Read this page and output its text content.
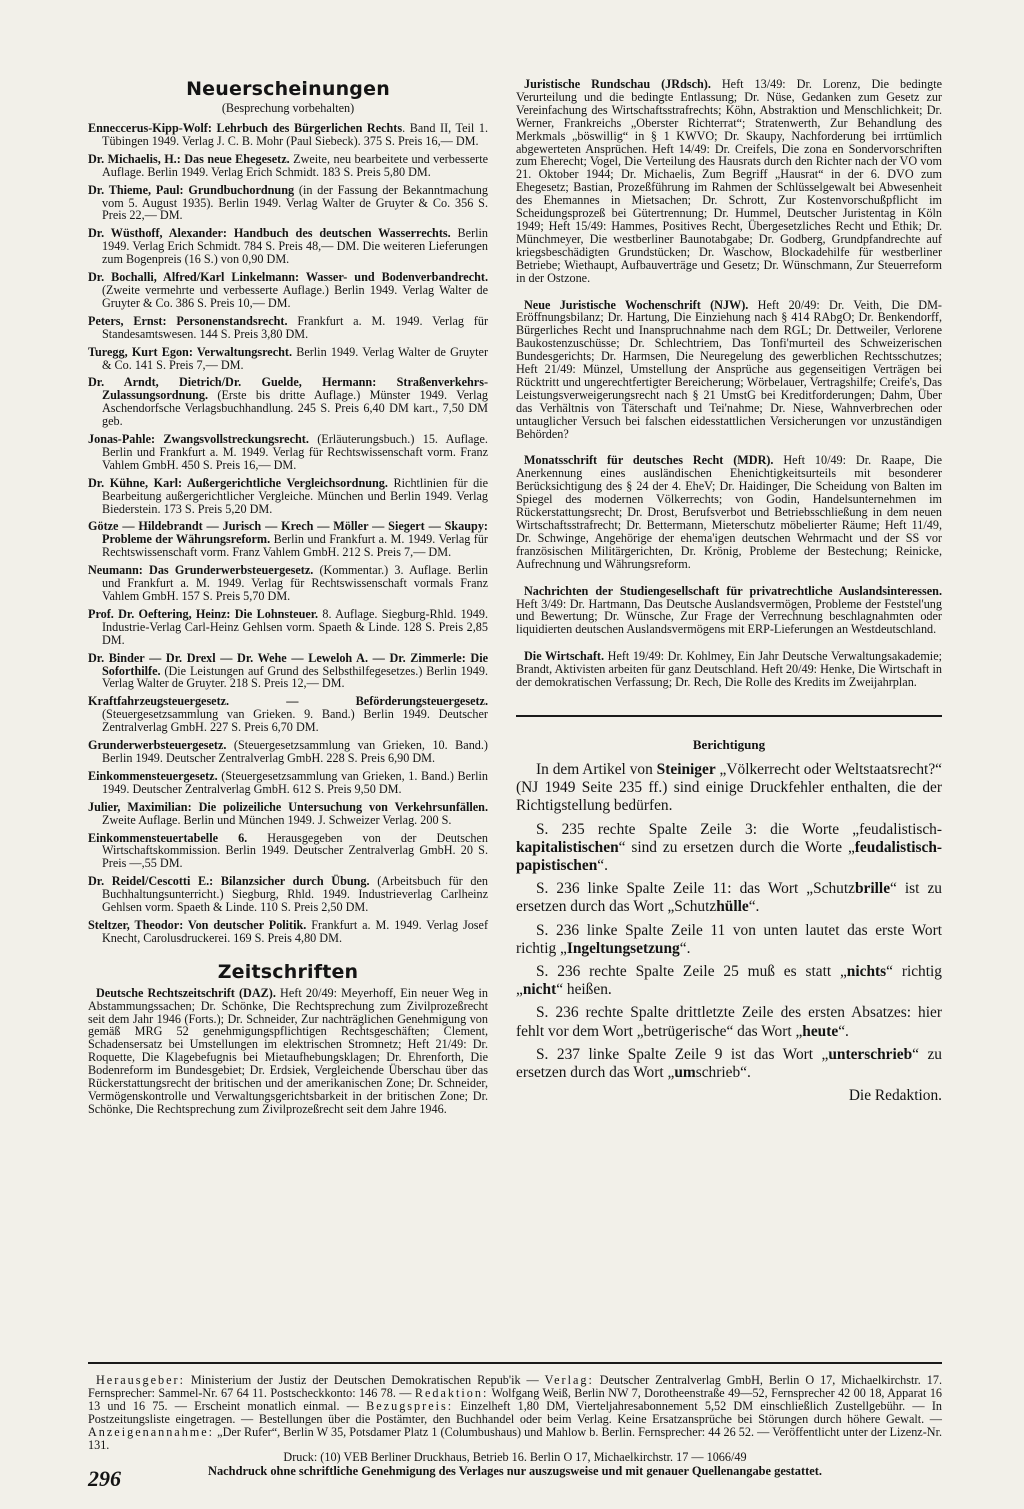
Neuerscheinungen
(Besprechung vorbehalten)

Enneccerus-Kipp-Wolf: Lehrbuch des Bürgerlichen Rechts. Band II, Teil 1. Tübingen 1949. Verlag J. C. B. Mohr (Paul Siebeck). 375 S. Preis 16,— DM.

Dr. Michaelis, H.: Das neue Ehegesetz. Zweite, neu bearbeitete und verbesserte Auflage. Berlin 1949. Verlag Erich Schmidt. 183 S. Preis 5,80 DM.

Dr. Thieme, Paul: Grundbuchordnung (in der Fassung der Bekanntmachung vom 5. August 1935). Berlin 1949. Verlag Walter de Gruyter & Co. 356 S. Preis 22,— DM.

Dr. Wüsthoff, Alexander: Handbuch des deutschen Wasserrechts. Berlin 1949. Verlag Erich Schmidt. 784 S. Preis 48,— DM. Die weiteren Lieferungen zum Bogenpreis (16 S.) von 0,90 DM.

Dr. Bochalli, Alfred/Karl Linkelmann: Wasser- und Bodenverbandrecht. (Zweite vermehrte und verbesserte Auflage.) Berlin 1949. Verlag Walter de Gruyter & Co. 386 S. Preis 10,— DM.

Peters, Ernst: Personenstandsrecht. Frankfurt a. M. 1949. Verlag für Standesamtswesen. 144 S. Preis 3,80 DM.

Turegg, Kurt Egon: Verwaltungsrecht. Berlin 1949. Verlag Walter de Gruyter & Co. 141 S. Preis 7,— DM.

Dr. Arndt, Dietrich/Dr. Guelde, Hermann: Straßenverkehrs-Zulassungsordnung. (Erste bis dritte Auflage.) Münster 1949. Verlag Aschendorfsche Verlagsbuchhandlung. 245 S. Preis 6,40 DM kart., 7,50 DM geb.

Jonas-Pahle: Zwangsvollstreckungsrecht. (Erläuterungsbuch.) 15. Auflage. Berlin und Frankfurt a. M. 1949. Verlag für Rechtswissenschaft vorm. Franz Vahlem GmbH. 450 S. Preis 16,— DM.

Dr. Kühne, Karl: Außergerichtliche Vergleichsordnung. Richtlinien für die Bearbeitung außergerichtlicher Vergleiche. München und Berlin 1949. Verlag Biederstein. 173 S. Preis 5,20 DM.

Götze — Hildebrandt — Jurisch — Krech — Möller — Siegert — Skaupy: Probleme der Währungsreform. Berlin und Frankfurt a. M. 1949. Verlag für Rechtswissenschaft vorm. Franz Vahlem GmbH. 212 S. Preis 7,— DM.

Neumann: Das Grunderwerbsteuergesetz. (Kommentar.) 3. Auflage. Berlin und Frankfurt a. M. 1949. Verlag für Rechtswissenschaft vormals Franz Vahlem GmbH. 157 S. Preis 5,70 DM.

Prof. Dr. Oeftering, Heinz: Die Lohnsteuer. 8. Auflage. Siegburg-Rhld. 1949. Industrie-Verlag Carl-Heinz Gehlsen vorm. Spaeth & Linde. 128 S. Preis 2,85 DM.

Dr. Binder — Dr. Drexl — Dr. Wehe — Leweloh A. — Dr. Zimmerle: Die Soforthilfe. (Die Leistungen auf Grund des Selbsthilfegesetzes.) Berlin 1949. Verlag Walter de Gruyter. 218 S. Preis 12,— DM.

Kraftfahrzeugsteuergesetz. — Beförderungsteuergesetz. (Steuergesetzsammlung van Grieken. 9. Band.) Berlin 1949. Deutscher Zentralverlag GmbH. 227 S. Preis 6,70 DM.

Grunderwerbsteuergesetz. (Steuergesetzsammlung van Grieken, 10. Band.) Berlin 1949. Deutscher Zentralverlag GmbH. 228 S. Preis 6,90 DM.

Einkommensteuergesetz. (Steuergesetzsammlung van Grieken, 1. Band.) Berlin 1949. Deutscher Zentralverlag GmbH. 612 S. Preis 9,50 DM.

Julier, Maximilian: Die polizeiliche Untersuchung von Verkehrsunfällen. Zweite Auflage. Berlin und München 1949. J. Schweizer Verlag. 200 S.

Einkommensteuertabelle 6. Herausgegeben von der Deutschen Wirtschaftskommission. Berlin 1949. Deutscher Zentralverlag GmbH. 20 S. Preis —,55 DM.

Dr. Reidel/Cescotti E.: Bilanzsicher durch Übung. (Arbeitsbuch für den Buchhaltungsunterricht.) Siegburg, Rhld. 1949. Industrieverlag Carlheinz Gehlsen vorm. Spaeth & Linde. 110 S. Preis 2,50 DM.

Steltzer, Theodor: Von deutscher Politik. Frankfurt a. M. 1949. Verlag Josef Knecht, Carolusdruckerei. 169 S. Preis 4,80 DM.

Zeitschriften

Deutsche Rechtszeitschrift (DAZ). Heft 20/49: Meyerhoff, Ein neuer Weg in Abstammungssachen; Dr. Schönke, Die Rechtsprechung zum Zivilprozeßrecht seit dem Jahr 1946 (Forts.); Dr. Schneider, Zur nachträglichen Genehmigung von gemäß MRG 52 genehmigungspflichtigen Rechtsgeschäften; Clement, Schadensersatz bei Umstellungen im elektrischen Stromnetz; Heft 21/49: Dr. Roquette, Die Klagebefugnis bei Mietaufhebungsklagen; Dr. Ehrenforth, Die Bodenreform im Bundesgebiet; Dr. Erdsiek, Vergleichende Überschau über das Rückerstattungsrecht der britischen und der amerikanischen Zone; Dr. Schneider, Vermögenskontrolle und Verwaltungsgerichtsbarkeit in der britischen Zone; Dr. Schönke, Die Rechtsprechung zum Zivilprozeßrecht seit dem Jahre 1946.

Juristische Rundschau (JRdsch). Heft 13/49: Dr. Lorenz, Die bedingte Verurteilung und die bedingte Entlassung; Dr. Nüse, Gedanken zum Gesetz zur Vereinfachung des Wirtschaftsstrafrechts; Köhn, Abstraktion und Menschlichkeit; Dr. Werner, Frankreichs „Oberster Richterrat“; Stratenwerth, Zur Behandlung des Merkmals „böswillig“ in § 1 KWVO; Dr. Skaupy, Nachforderung bei irrtümlich abgewerteten Ansprüchen. Heft 14/49: Dr. Creifels, Die zona en Sondervorschriften zum Eherecht; Vogel, Die Verteilung des Hausrats durch den Richter nach der VO vom 21. Oktober 1944; Dr. Michaelis, Zum Begriff „Hausrat“ in der 6. DVO zum Ehegesetz; Bastian, Prozeßführung im Rahmen der Schlüsselgewalt bei Abwesenheit des Ehemannes in Mietsachen; Dr. Schrott, Zur Kostenvorschußpflicht im Scheidungsprozeß bei Gütertrennung; Dr. Hummel, Deutscher Juristentag in Köln 1949; Heft 15/49: Hammes, Positives Recht, Übergesetzliches Recht und Ethik; Dr. Münchmeyer, Die westberliner Baunotabgabe; Dr. Godberg, Grundpfandrechte auf kriegsbeschädigten Grundstücken; Dr. Waschow, Blockadehilfe für westberliner Betriebe; Wiethaupt, Aufbauverträge und Gesetz; Dr. Wünschmann, Zur Steuerreform in der Ostzone.

Neue Juristische Wochenschrift (NJW). Heft 20/49: Dr. Veith, Die DM-Eröffnungsbilanz; Dr. Hartung, Die Einziehung nach § 414 RAbgO; Dr. Benkendorff, Bürgerliches Recht und Inanspruchnahme nach dem RGL; Dr. Dettweiler, Verlorene Baukostenzuschüsse; Dr. Schlechtriem, Das Tonfi'murteil des Schweizerischen Bundesgerichts; Dr. Harmsen, Die Neuregelung des gewerblichen Rechtsschutzes; Heft 21/49: Münzel, Umstellung der Ansprüche aus gegenseitigen Verträgen bei Rücktritt und ungerechtfertigter Bereicherung; Wörbelauer, Vertragshilfe; Creife's, Das Leistungsverweigerungsrecht nach § 21 UmstG bei Kreditforderungen; Dahm, Über das Verhältnis von Täterschaft und Tei'nahme; Dr. Niese, Wahnverbrechen oder untauglicher Versuch bei falschen eidesstattlichen Versicherungen vor unzuständigen Behörden?

Monatsschrift für deutsches Recht (MDR). Heft 10/49: Dr. Raape, Die Anerkennung eines ausländischen Ehenichtigkeitsurteils mit besonderer Berücksichtigung des § 24 der 4. EheV; Dr. Haidinger, Die Scheidung von Balten im Spiegel des modernen Völkerrechts; von Godin, Handelsunternehmen im Rückerstattungsrecht; Dr. Drost, Berufsverbot und Betriebsschließung in dem neuen Wirtschaftsstrafrecht; Dr. Bettermann, Mieterschutz möbelierter Räume; Heft 11/49, Dr. Schwinge, Angehörige der ehema'igen deutschen Wehrmacht und der SS vor französischen Militärgerichten, Dr. Krönig, Probleme der Bestechung; Reinicke, Aufrechnung und Währungsreform.

Nachrichten der Studiengesellschaft für privatrechtliche Auslandsinteressen. Heft 3/49: Dr. Hartmann, Das Deutsche Auslandsvermögen, Probleme der Feststel'ung und Bewertung; Dr. Wünsche, Zur Frage der Verrechnung beschlagnahmten oder liquidierten deutschen Auslandsvermögens mit ERP-Lieferungen an Westdeutschland.

Die Wirtschaft. Heft 19/49: Dr. Kohlmey, Ein Jahr Deutsche Verwaltungsakademie; Brandt, Aktivisten arbeiten für ganz Deutschland. Heft 20/49: Henke, Die Wirtschaft in der demokratischen Verfassung; Dr. Rech, Die Rolle des Kredits im Zweijahrplan.

Berichtigung

In dem Artikel von Steiniger „Völkerrecht oder Weltstaatsrecht?“ (NJ 1949 Seite 235 ff.) sind einige Druckfehler enthalten, die der Richtigstellung bedürfen.

S. 235 rechte Spalte Zeile 3: die Worte „feudalistisch-kapitalistischen“ sind zu ersetzen durch die Worte „feudalistisch-papistischen“.

S. 236 linke Spalte Zeile 11: das Wort „Schutzbrille“ ist zu ersetzen durch das Wort „Schutzhülle“.

S. 236 linke Spalte Zeile 11 von unten lautet das erste Wort richtig „Ingeltungsetzung“.

S. 236 rechte Spalte Zeile 25 muß es statt „nichts“ richtig „nicht“ heißen.

S. 236 rechte Spalte drittletzte Zeile des ersten Absatzes: hier fehlt vor dem Wort „betrügerische“ das Wort „heute“.

S. 237 linke Spalte Zeile 9 ist das Wort „unterschrieb“ zu ersetzen durch das Wort „umschrieb“.

Die Redaktion.

Herausgeber: Ministerium der Justiz der Deutschen Demokratischen Repub'ik — Verlag: Deutscher Zentralverlag GmbH, Berlin O 17, Michaelkirchstr. 17. Fernsprecher: Sammel-Nr. 67 64 11. Postscheckkonto: 146 78. — Redaktion: Wolfgang Weiß, Berlin NW 7, Dorotheenstraße 49—52, Fernsprecher 42 00 18, Apparat 16 13 und 16 75. — Erscheint monatlich einmal. — Bezugspreis: Einzelheft 1,80 DM, Vierteljahresabonnement 5,52 DM einschließlich Zustellgebühr. — In Postzeitungsliste eingetragen. — Bestellungen über die Postämter, den Buchhandel oder beim Verlag. Keine Ersatzansprüche bei Störungen durch höhere Gewalt. — Anzeigenannahme: „Der Rufer“, Berlin W 35, Potsdamer Platz 1 (Columbushaus) und Mahlow b. Berlin. Fernsprecher: 44 26 52. — Veröffentlicht unter der Lizenz-Nr. 131.

Druck: (10) VEB Berliner Druckhaus, Betrieb 16. Berlin O 17, Michaelkirchstr. 17 — 1066/49

Nachdruck ohne schriftliche Genehmigung des Verlages nur auszugsweise und mit genauer Quellenangabe gestattet.

296
